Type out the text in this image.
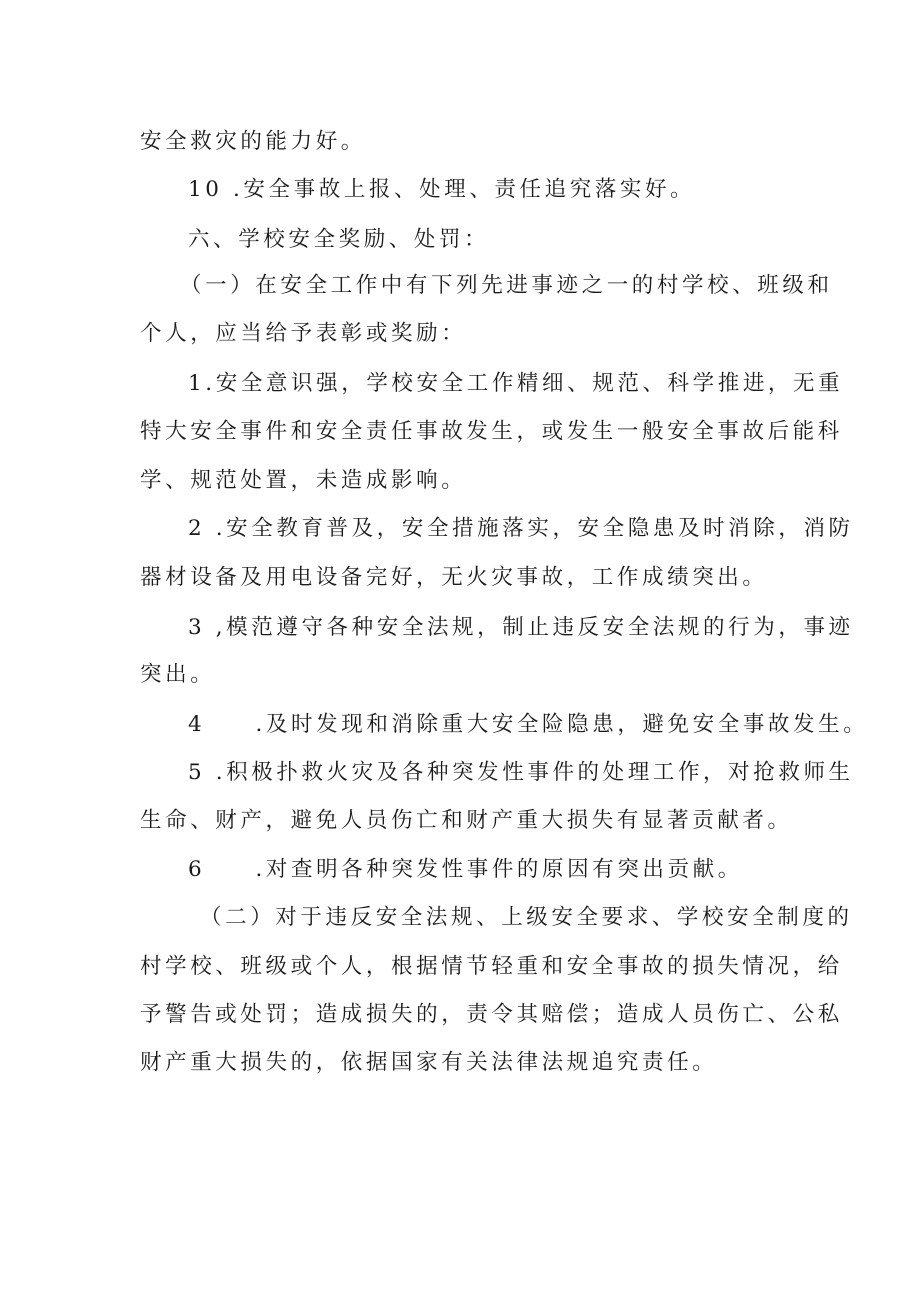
安全救灾的能力好。
10 .安全事故上报、处理、责任追究落实好。
六、学校安全奖励、处罚：
（一）在安全工作中有下列先进事迹之一的村学校、班级和
个人，应当给予表彰或奖励：
1.安全意识强，学校安全工作精细、规范、科学推进，无重
特大安全事件和安全责任事故发生，或发生一般安全事故后能科
学、规范处置，未造成影响。
2 .安全教育普及，安全措施落实，安全隐患及时消除，消防
器材设备及用电设备完好，无火灾事故，工作成绩突出。
3 ,模范遵守各种安全法规，制止违反安全法规的行为，事迹
突出。
4　　.及时发现和消除重大安全险隐患，避免安全事故发生。
5 .积极扑救火灾及各种突发性事件的处理工作，对抢救师生
生命、财产，避免人员伤亡和财产重大损失有显著贡献者。
6　　.对查明各种突发性事件的原因有突出贡献。
（二）对于违反安全法规、上级安全要求、学校安全制度的
村学校、班级或个人，根据情节轻重和安全事故的损失情况，给
予警告或处罚；造成损失的，责令其赔偿；造成人员伤亡、公私
财产重大损失的，依据国家有关法律法规追究责任。
